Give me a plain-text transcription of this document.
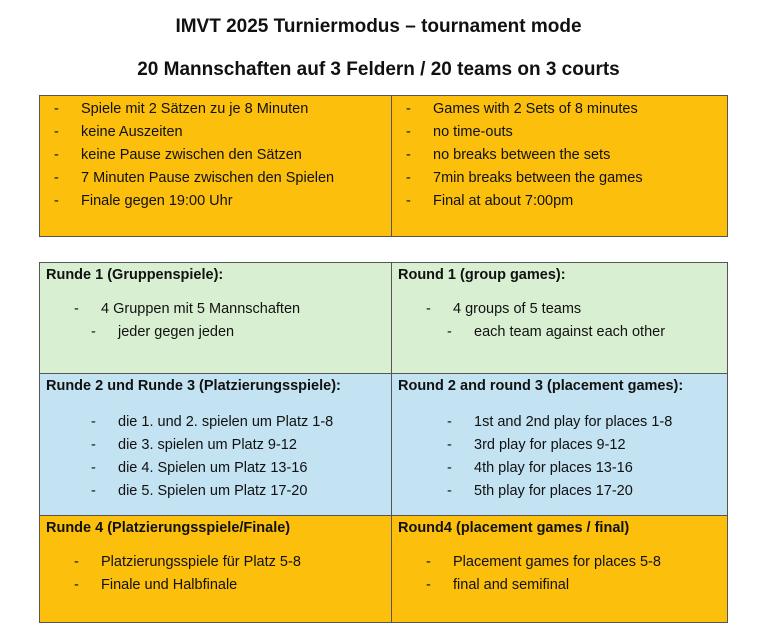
IMVT 2025 Turniermodus – tournament mode
20 Mannschaften auf 3 Feldern / 20 teams on 3 courts
- Spiele mit 2 Sätzen zu je 8 Minuten
- keine Auszeiten
- keine Pause zwischen den Sätzen
- 7 Minuten Pause zwischen den Spielen
- Finale gegen 19:00 Uhr
- Games with 2 Sets of 8 minutes
- no time-outs
- no breaks between the sets
- 7min breaks between the games
- Final at about 7:00pm
Runde 1 (Gruppenspiele):
- 4 Gruppen mit 5 Mannschaften
- jeder gegen jeden
Round 1 (group games):
- 4 groups of 5 teams
- each team against each other
Runde 2 und Runde 3 (Platzierungsspiele):
- die 1. und 2. spielen um Platz 1-8
- die 3. spielen um Platz 9-12
- die 4. Spielen um Platz 13-16
- die 5. Spielen um Platz 17-20
Round 2 and round 3 (placement games):
- 1st and 2nd play for places 1-8
- 3rd play for places 9-12
- 4th play for places 13-16
- 5th play for places 17-20
Runde 4 (Platzierungsspiele/Finale)
- Platzierungsspiele für Platz 5-8
- Finale und Halbfinale
Round4 (placement games / final)
- Placement games for places 5-8
- final and semifinal
